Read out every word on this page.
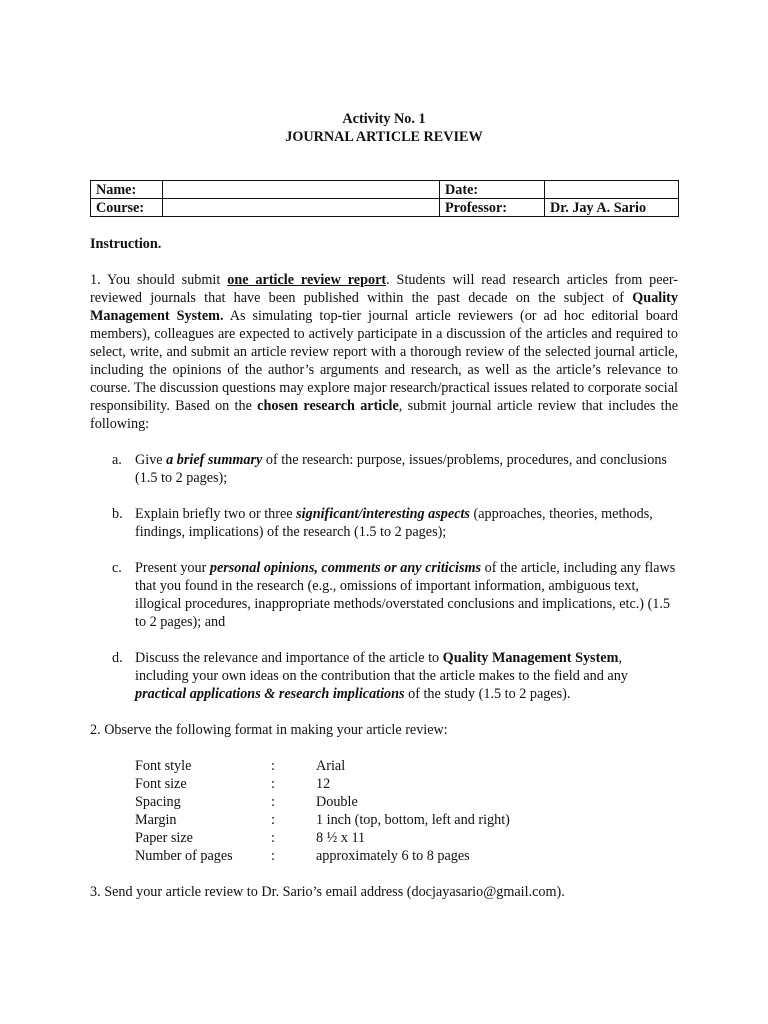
Activity No. 1
JOURNAL ARTICLE REVIEW
Name:		Date:	
Course:		Professor:	Dr. Jay A. Sario
Instruction.

1. You should submit one article review report. Students will read research articles from peer-reviewed journals that have been published within the past decade on the subject of Quality Management System. As simulating top-tier journal article reviewers (or ad hoc editorial board members), colleagues are expected to actively participate in a discussion of the articles and required to select, write, and submit an article review report with a thorough review of the selected journal article, including the opinions of the author’s arguments and research, as well as the article’s relevance to course. The discussion questions may explore major research/practical issues related to corporate social responsibility. Based on the chosen research article, submit journal article review that includes the following:

a. Give a brief summary of the research: purpose, issues/problems, procedures, and conclusions (1.5 to 2 pages);
b. Explain briefly two or three significant/interesting aspects (approaches, theories, methods, findings, implications) of the research (1.5 to 2 pages);
c. Present your personal opinions, comments or any criticisms of the article, including any flaws that you found in the research (e.g., omissions of important information, ambiguous text, illogical procedures, inappropriate methods/overstated conclusions and implications, etc.) (1.5 to 2 pages); and
d. Discuss the relevance and importance of the article to Quality Management System, including your own ideas on the contribution that the article makes to the field and any practical applications & research implications of the study (1.5 to 2 pages).

2. Observe the following format in making your article review:

Font style	:	Arial
Font size	:	12
Spacing	:	Double
Margin	:	1 inch (top, bottom, left and right)
Paper size	:	8 ½ x 11
Number of pages	:	approximately 6 to 8 pages

3. Send your article review to Dr. Sario’s email address (docjayasario@gmail.com).
